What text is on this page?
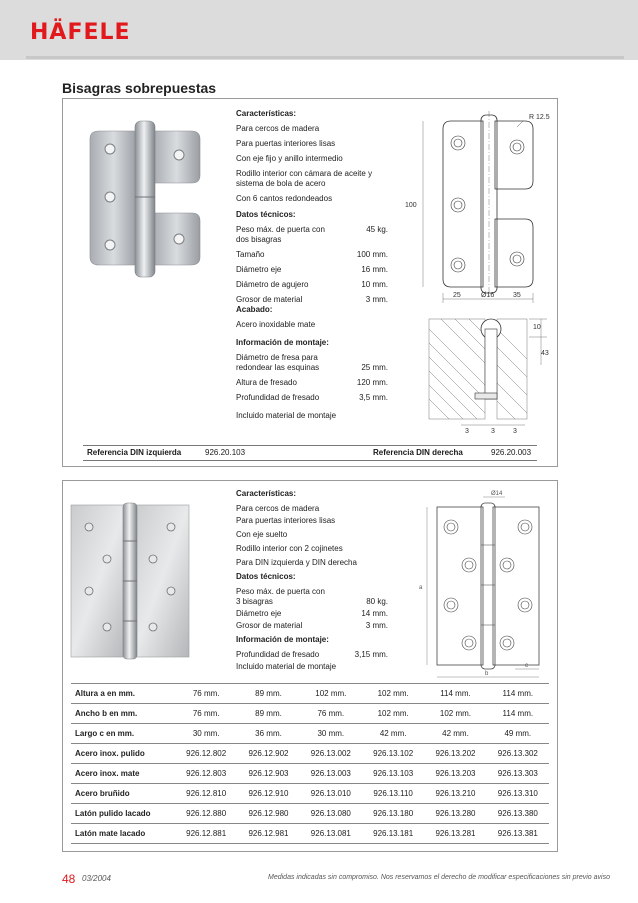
HÄFELE
Bisagras sobrepuestas
Características:
Para cercos de madera
Para puertas interiores lisas
Con eje fijo y anillo intermedio
Rodillo interior con cámara de aceite y sistema de bola de acero
Con 6 cantos redondeados
Datos técnicos:
Peso máx. de puerta con dos bisagras
45 kg.
Tamaño	100 mm.
Diámetro eje	16 mm.
Diámetro de agujero	10 mm.
Grosor de material	3 mm.
Acabado:
Acero inoxidable mate
Información de montaje:
Diámetro de fresa para redondear las esquinas	25 mm.
Altura de fresado	120 mm.
Profundidad de fresado	3,5 mm.
Incluido material de montaje
R 12.5
100
25	Ø16	35
10
43
3	3	3
Referencia DIN izquierda	926.20.103	Referencia DIN derecha	926.20.003
Características:
Para cercos de madera
Para puertas interiores lisas
Con eje suelto
Rodillo interior con 2 cojinetes
Para DIN izquierda y DIN derecha
Datos técnicos:
Peso máx. de puerta con 3 bisagras	80 kg.
Diámetro eje	14 mm.
Grosor de material	3 mm.
Información de montaje:
Profundidad de fresado	3,15 mm.
Incluido material de montaje
Ø14
a
c
b
Altura a en mm.	76 mm.	89 mm.	102 mm.	102 mm.	114 mm.	114 mm.
Ancho b en mm.	76 mm.	89 mm.	76 mm.	102 mm.	102 mm.	114 mm.
Largo c en mm.	30 mm.	36 mm.	30 mm.	42 mm.	42 mm.	49 mm.
Acero inox. pulido	926.12.802	926.12.902	926.13.002	926.13.102	926.13.202	926.13.302
Acero inox. mate	926.12.803	926.12.903	926.13.003	926.13.103	926.13.203	926.13.303
Acero bruñido	926.12.810	926.12.910	926.13.010	926.13.110	926.13.210	926.13.310
Latón pulido lacado	926.12.880	926.12.980	926.13.080	926.13.180	926.13.280	926.13.380
Latón mate lacado	926.12.881	926.12.981	926.13.081	926.13.181	926.13.281	926.13.381
48 03/2004	Medidas indicadas sin compromiso. Nos reservamos el derecho de modificar especificaciones sin previo aviso
